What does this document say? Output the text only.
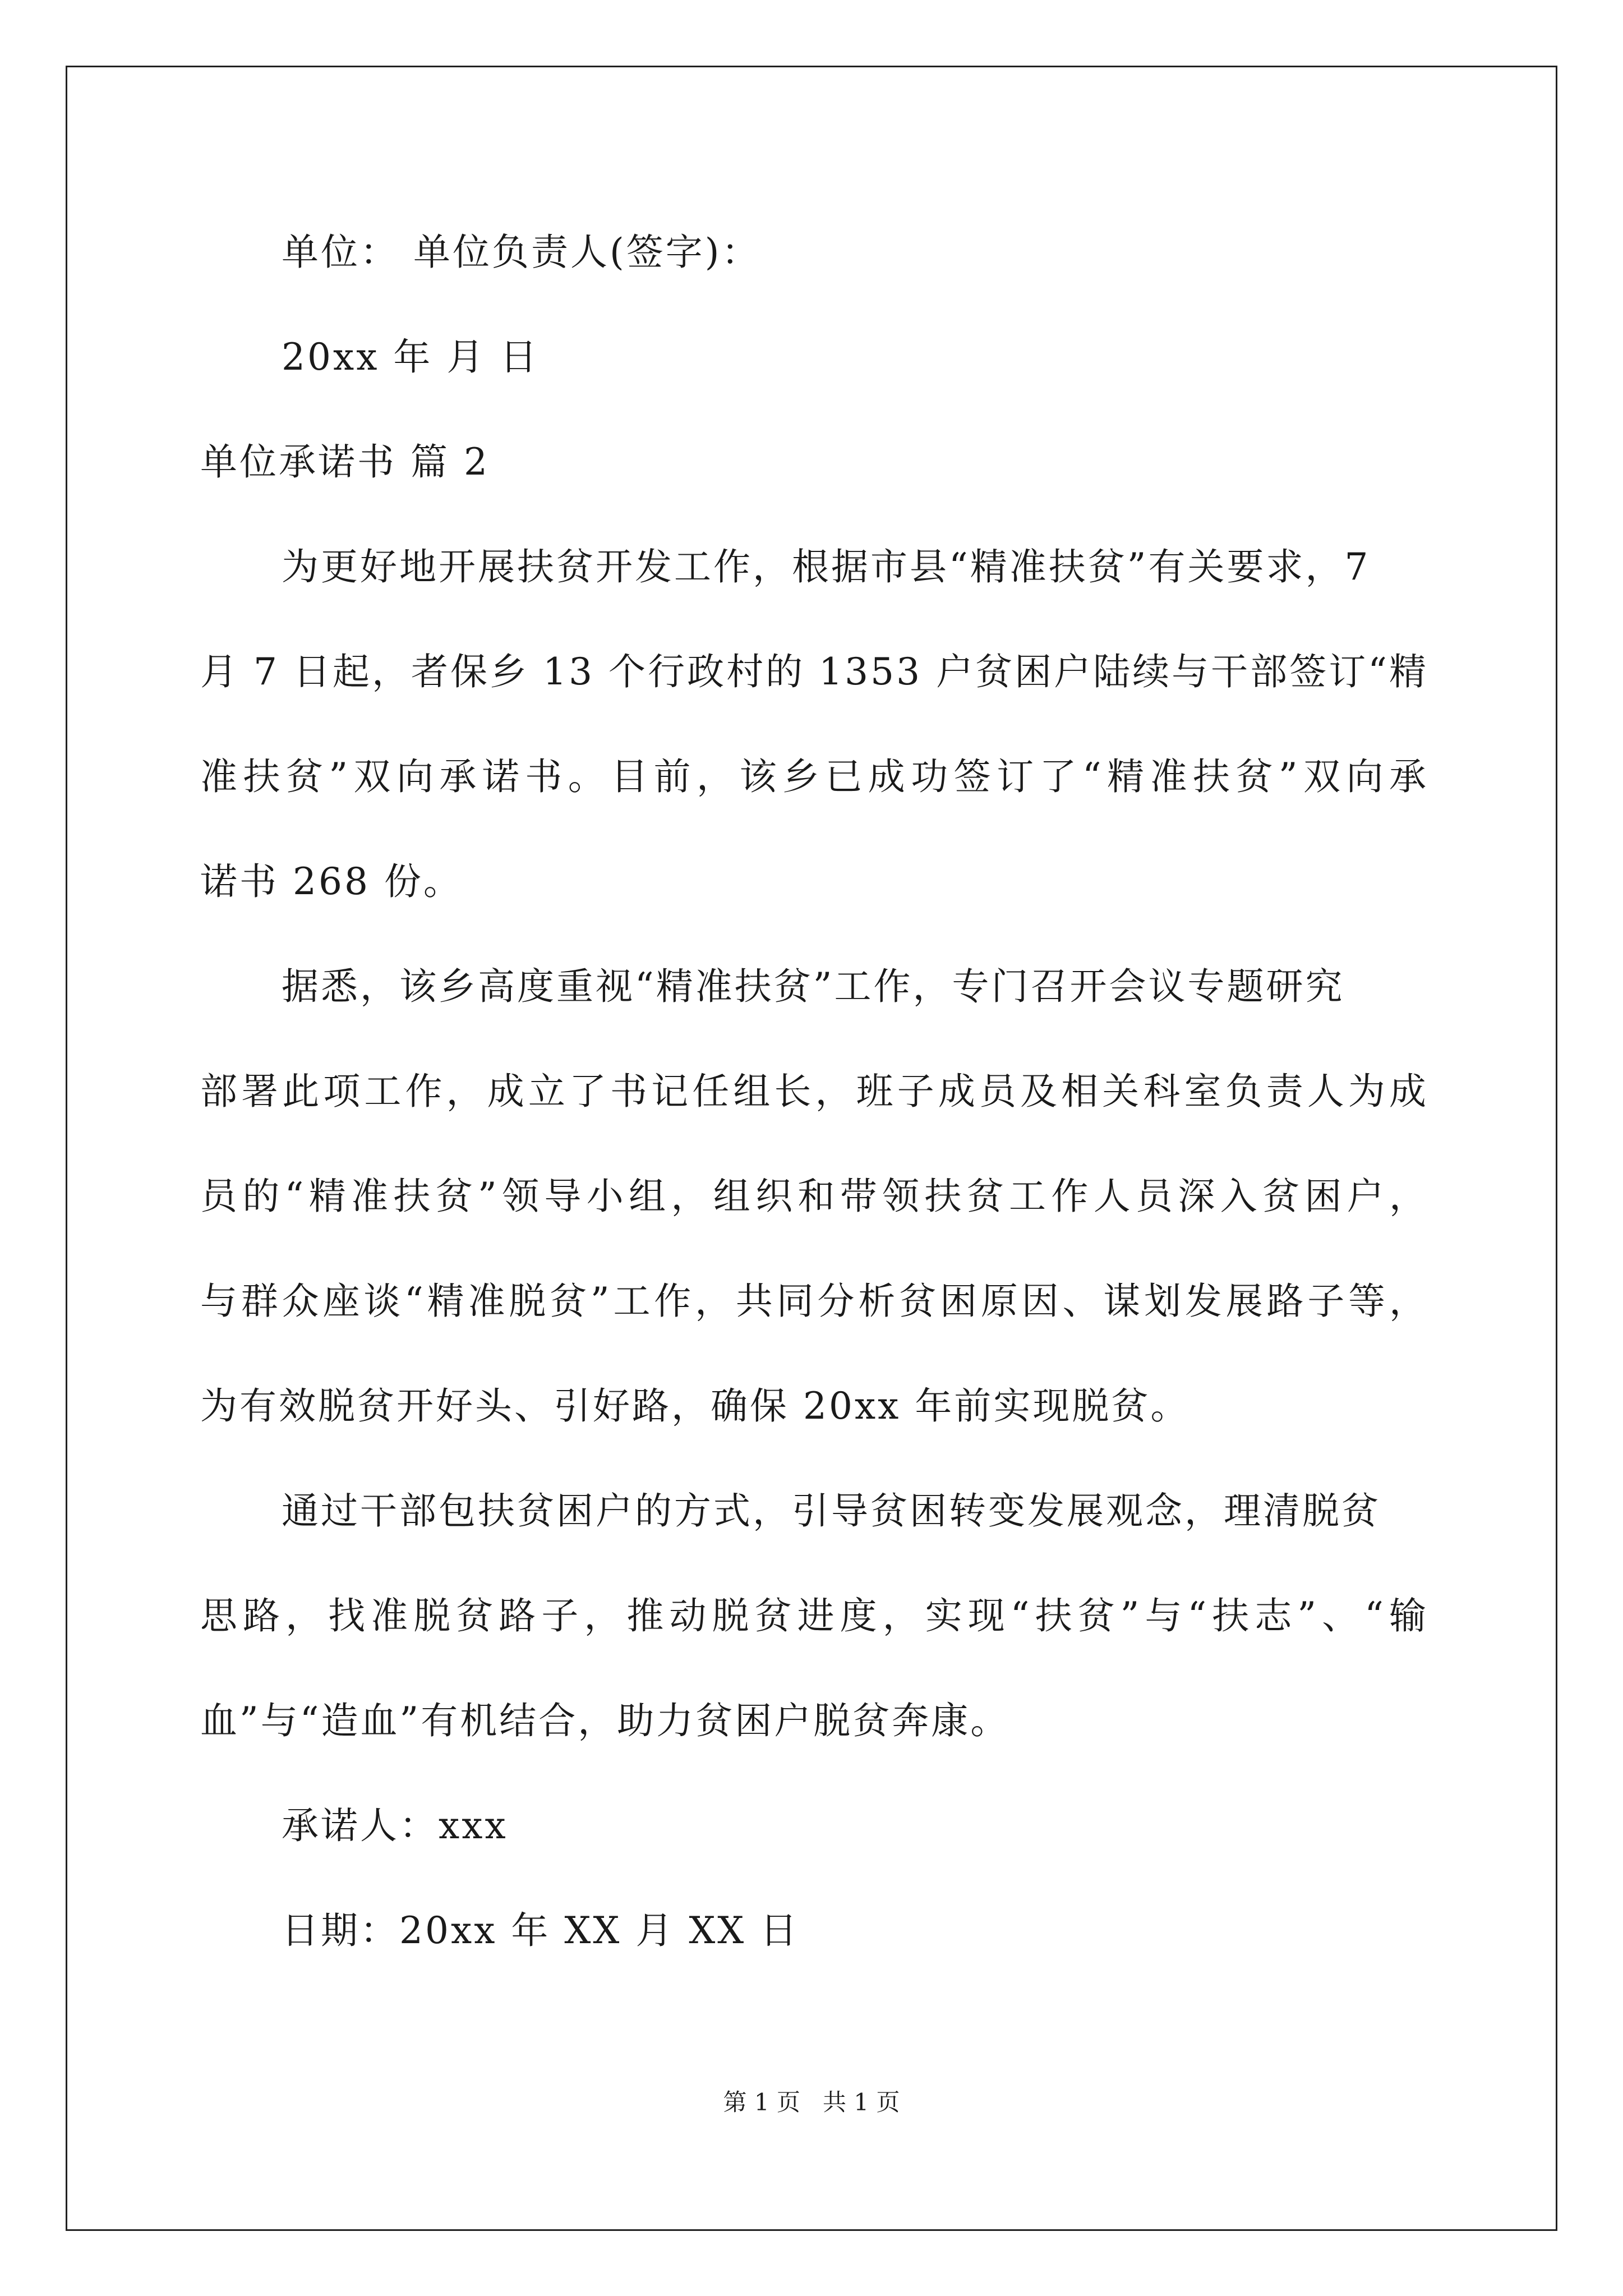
单位： 单位负责人(签字)：
20xx 年 月 日
单位承诺书 篇 2
为更好地开展扶贫开发工作，根据市县“精准扶贫”有关要求，7
月 7 日起，者保乡 13 个行政村的 1353 户贫困户陆续与干部签订“精
准扶贫”双向承诺书。目前，该乡已成功签订了“精准扶贫”双向承
诺书 268 份。
据悉，该乡高度重视“精准扶贫”工作，专门召开会议专题研究
部署此项工作，成立了书记任组长，班子成员及相关科室负责人为成
员的“精准扶贫”领导小组，组织和带领扶贫工作人员深入贫困户，
与群众座谈“精准脱贫”工作，共同分析贫困原因、谋划发展路子等，
为有效脱贫开好头、引好路，确保 20xx 年前实现脱贫。
通过干部包扶贫困户的方式，引导贫困转变发展观念，理清脱贫
思路，找准脱贫路子，推动脱贫进度，实现“扶贫”与“扶志”、“输
血”与“造血”有机结合，助力贫困户脱贫奔康。
承诺人：xxx
日期：20xx 年 XX 月 XX 日
第 1 页   共 1 页
